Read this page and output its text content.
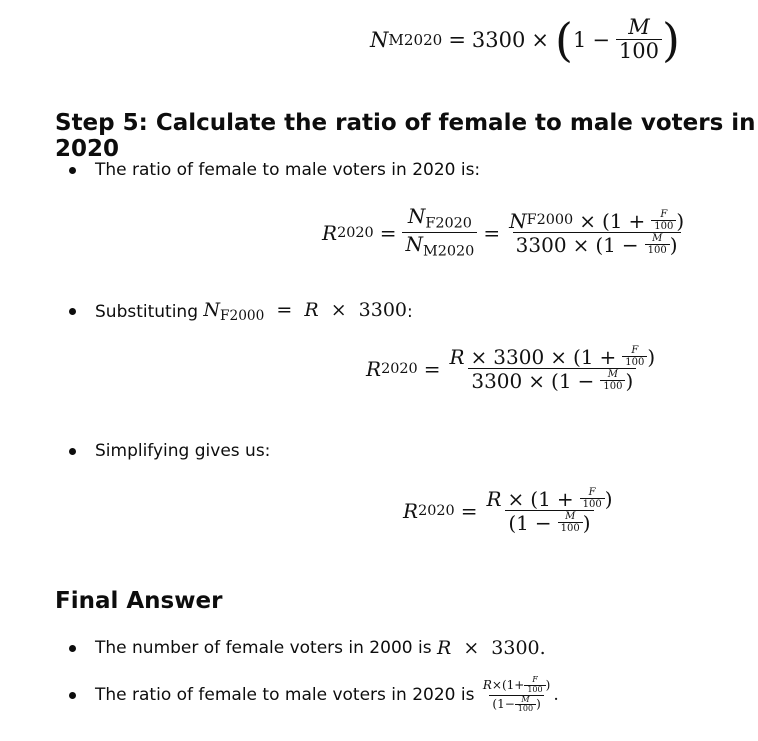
N M2020 = 3300 × ( $1 - \frac{M}{100}$ )
Step 5: Calculate the ratio of female to male voters in 2020
The ratio of female to male voters in 2020 is:
R $2020 = \frac{N_{F2020}}{N_{M2020}} = \frac{N F2000 \times ( 1 + \frac{F}{100} )}{3300 \times ( 1 - \frac{M}{100} )}$
Substituting
$N_{F2000} = R \times 3300$ :
R 2020 = R × 3300 × ( $1 + \frac{F}{100}$ )
3300 × ( $1 - \frac{M}{100}$ )
Simplifying gives us:
R $2020 = \frac{R \times ( 1 + \frac{F}{100} )}{( 1 - \frac{M}{100} )}$
Final Answer
The number of female voters in 2000 is
R × 3300.
The ratio of female to male voters in 2020 is
$\frac{R \times ( 1 + \frac{F}{100} )}{( 1 - \frac{M}{100} )}$ .
